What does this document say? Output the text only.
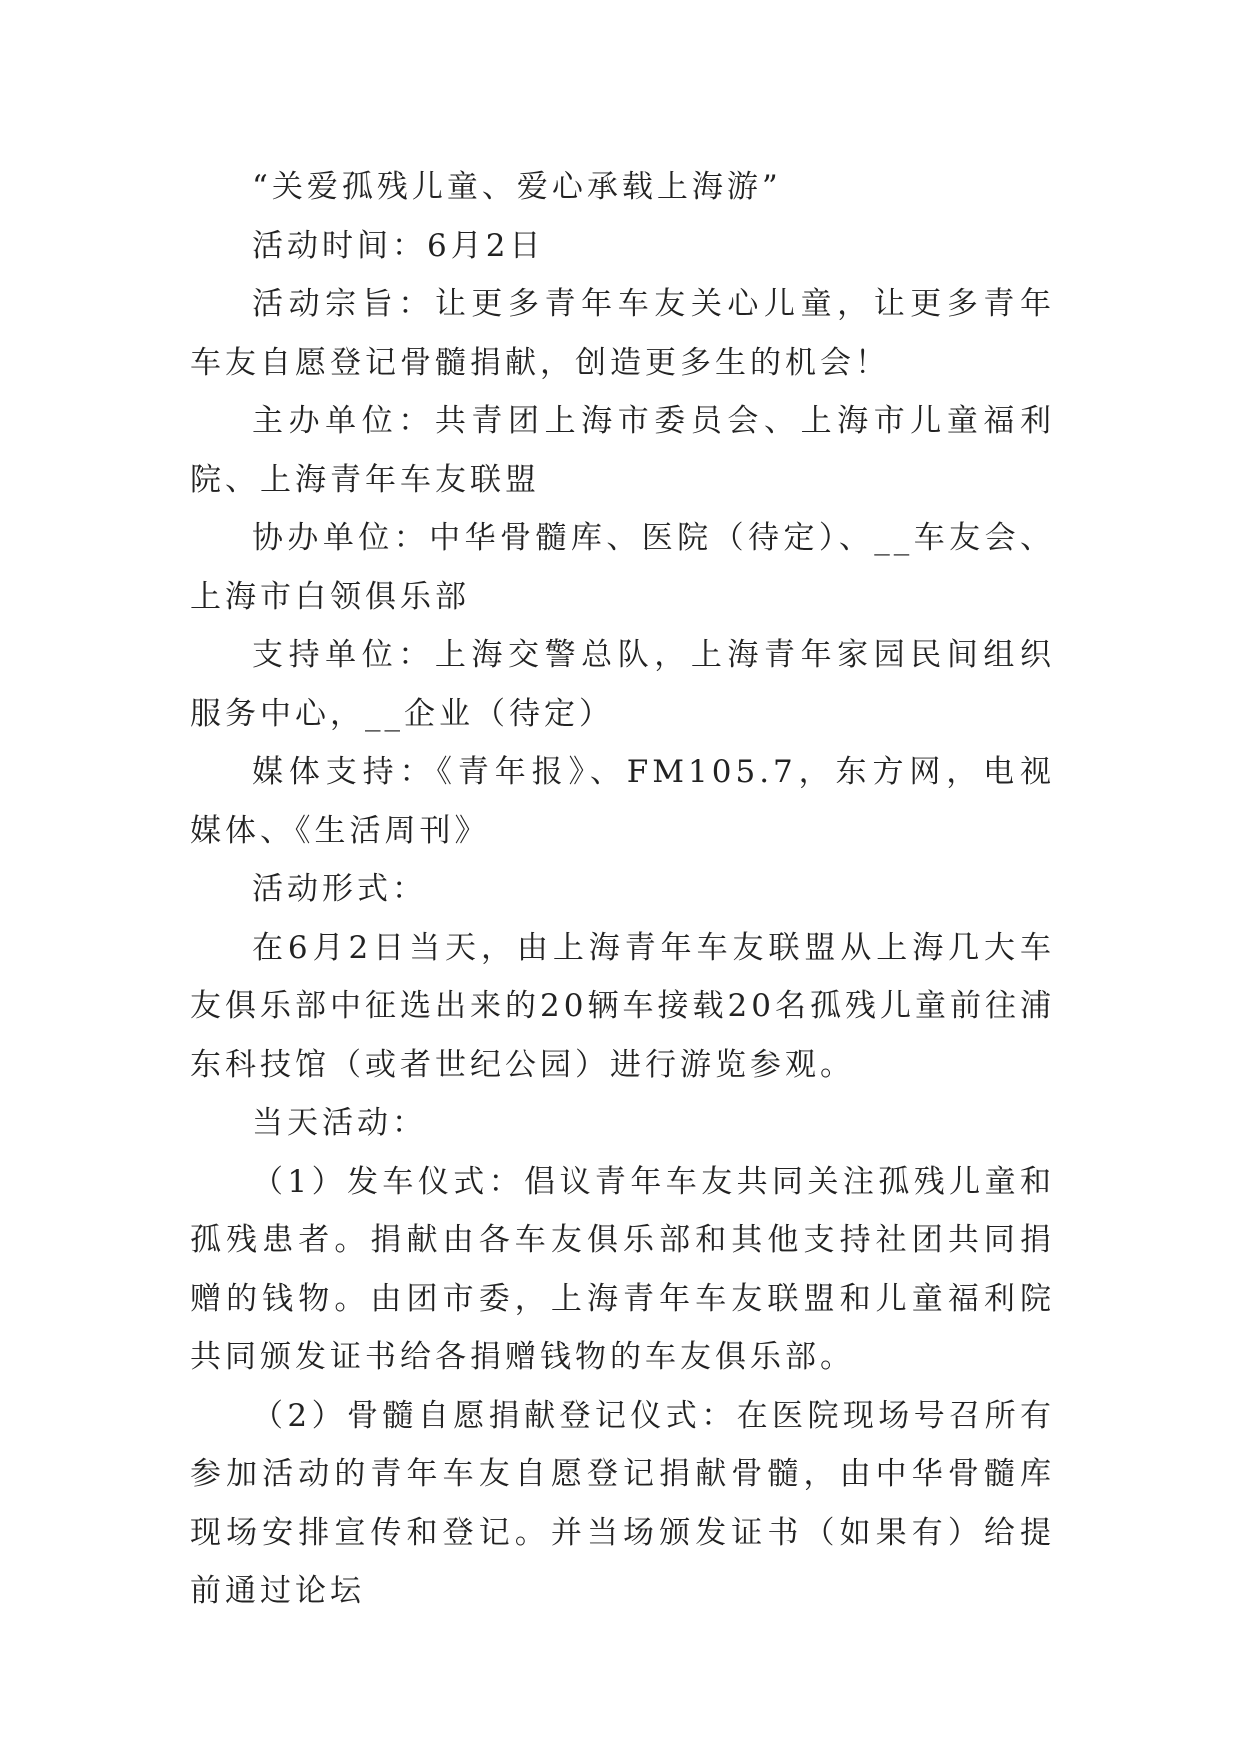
“关爱孤残儿童、爱心承载上海游”

活动时间：6月2日

活动宗旨：让更多青年车友关心儿童，让更多青年车友自愿登记骨髓捐献，创造更多生的机会！

主办单位：共青团上海市委员会、上海市儿童福利院、上海青年车友联盟

协办单位：中华骨髓库、医院（待定）、__车友会、上海市白领俱乐部

支持单位：上海交警总队，上海青年家园民间组织服务中心，__企业（待定）

媒体支持：《青年报》、FM105.7，东方网，电视媒体、《生活周刊》

活动形式：

在6月2日当天，由上海青年车友联盟从上海几大车友俱乐部中征选出来的20辆车接载20名孤残儿童前往浦东科技馆（或者世纪公园）进行游览参观。

当天活动：

（1）发车仪式：倡议青年车友共同关注孤残儿童和孤残患者。捐献由各车友俱乐部和其他支持社团共同捐赠的钱物。由团市委，上海青年车友联盟和儿童福利院共同颁发证书给各捐赠钱物的车友俱乐部。

（2）骨髓自愿捐献登记仪式：在医院现场号召所有参加活动的青年车友自愿登记捐献骨髓，由中华骨髓库现场安排宣传和登记。并当场颁发证书（如果有）给提前通过论坛
